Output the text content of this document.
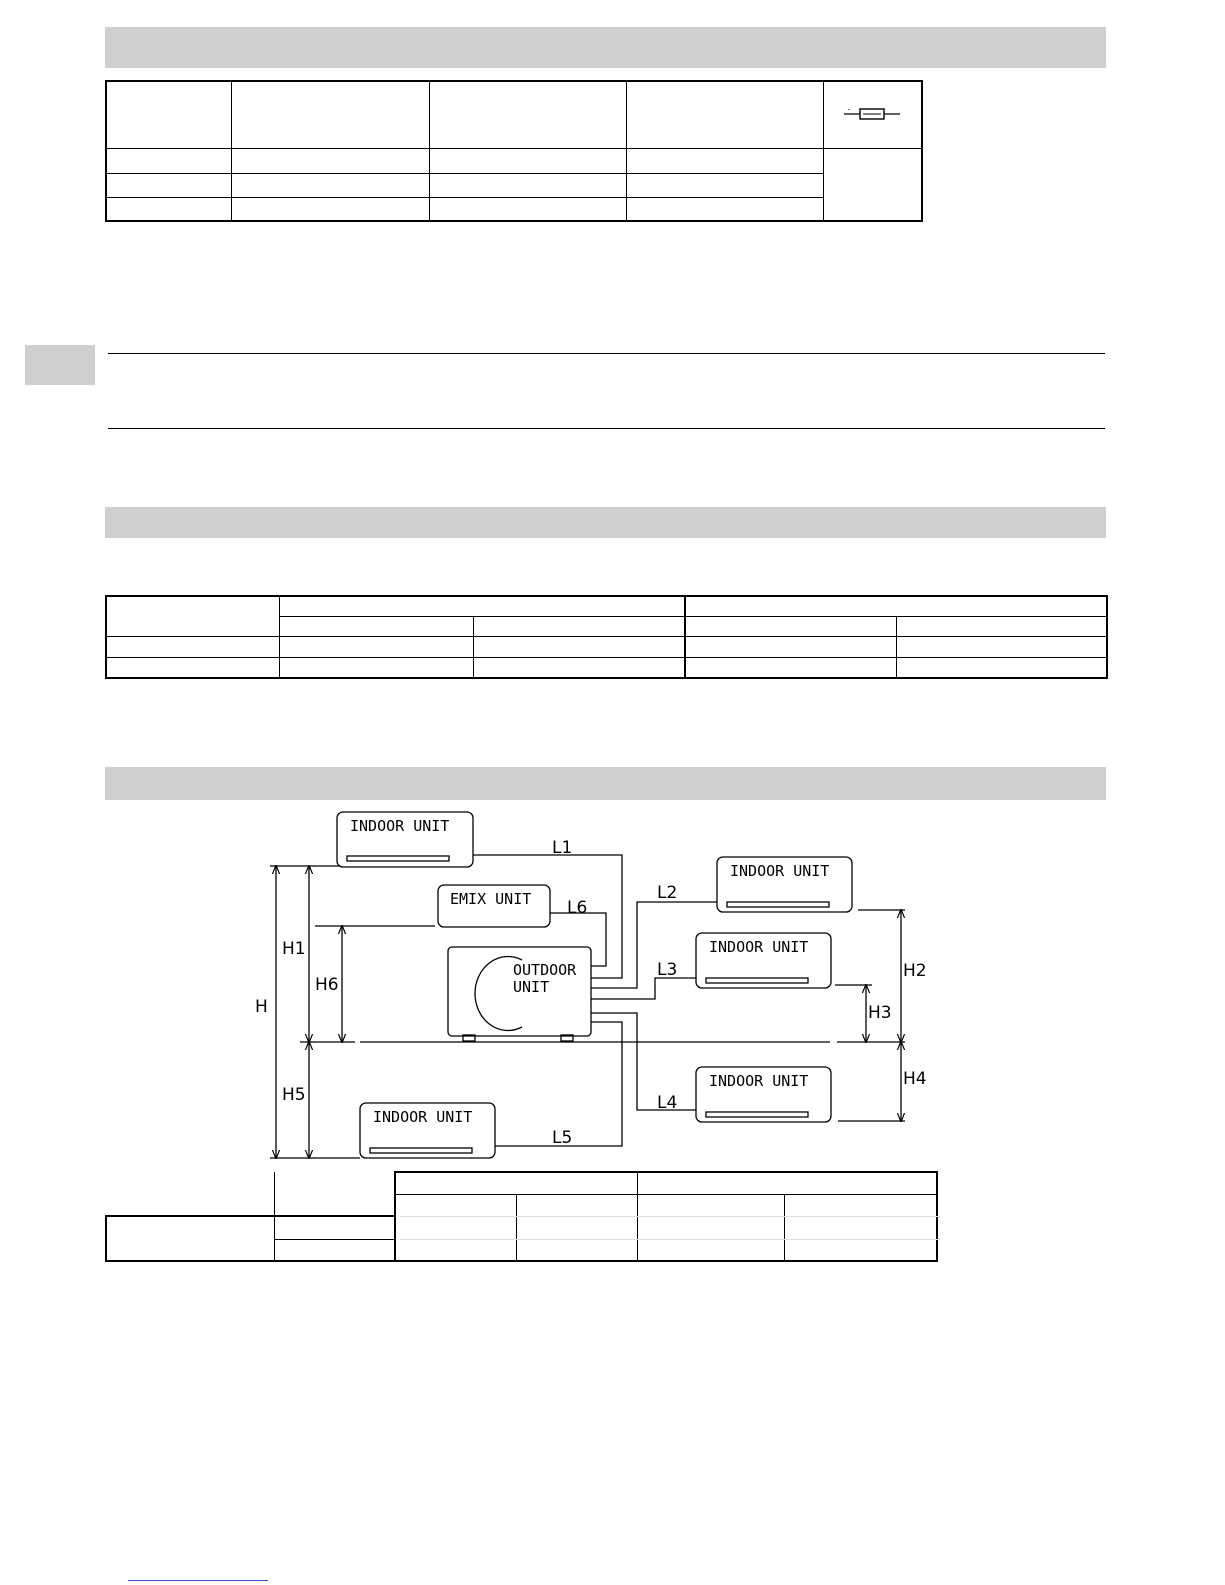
INDOOR UNIT
INDOOR UNIT
INDOOR UNIT
INDOOR UNIT
INDOOR UNIT
EMIX UNIT
OUTDOOR
UNIT
L1
L2
L3
L4
L5
L6
H
H1
H2
H3
H4
H5
H6
